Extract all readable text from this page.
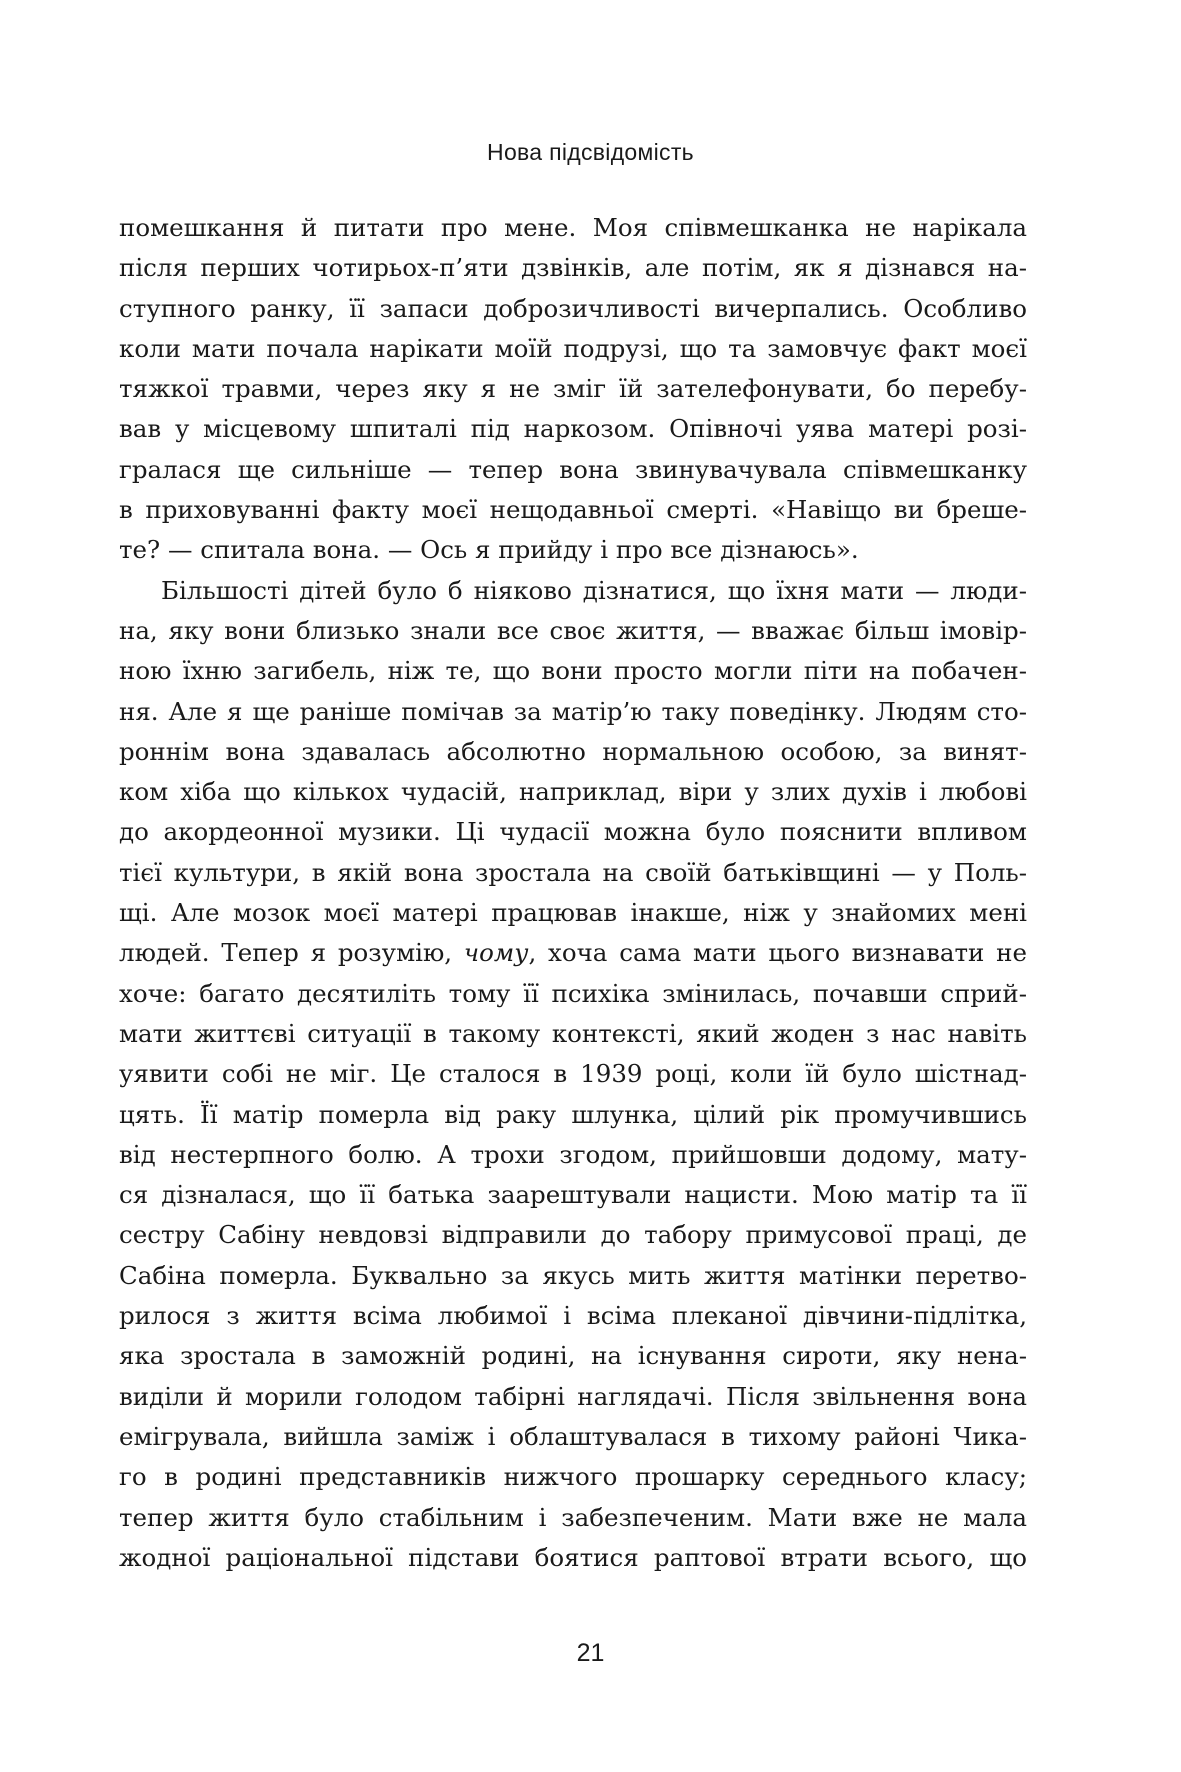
Нова підсвідомість
помешкання й питати про мене. Моя співмешканка не нарікала
після перших чотирьох-п’яти дзвінків, але потім, як я дізнався на-
ступного ранку, її запаси доброзичливості вичерпались. Особливо
коли мати почала нарікати моїй подрузі, що та замовчує факт моєї
тяжкої травми, через яку я не зміг їй зателефонувати, бо перебу-
вав у місцевому шпиталі під наркозом. Опівночі уява матері розі-
гралася ще сильніше — тепер вона звинувачувала співмешканку
в приховуванні факту моєї нещодавньої смерті. «Навіщо ви бреше-
те? — спитала вона. — Ось я прийду і про все дізнаюсь».
Більшості дітей було б ніяково дізнатися, що їхня мати — люди-
на, яку вони близько знали все своє життя, — вважає більш імовір-
ною їхню загибель, ніж те, що вони просто могли піти на побачен-
ня. Але я ще раніше помічав за матір’ю таку поведінку. Людям сто-
роннім вона здавалась абсолютно нормальною особою, за винят-
ком хіба що кількох чудасій, наприклад, віри у злих духів і любові
до акордеонної музики. Ці чудасії можна було пояснити впливом
тієї культури, в якій вона зростала на своїй батьківщині — у Поль-
щі. Але мозок моєї матері працював інакше, ніж у знайомих мені
людей. Тепер я розумію, чому, хоча сама мати цього визнавати не
хоче: багато десятиліть тому її психіка змінилась, почавши сприй-
мати життєві ситуації в такому контексті, який жоден з нас навіть
уявити собі не міг. Це сталося в 1939 році, коли їй було шістнад-
цять. Її матір померла від раку шлунка, цілий рік промучившись
від нестерпного болю. А трохи згодом, прийшовши додому, мату-
ся дізналася, що її батька заарештували нацисти. Мою матір та її
сестру Сабіну невдовзі відправили до табору примусової праці, де
Сабіна померла. Буквально за якусь мить життя матінки перетво-
рилося з життя всіма любимої і всіма плеканої дівчини-підлітка,
яка зростала в заможній родині, на існування сироти, яку нена-
виділи й морили голодом табірні наглядачі. Після звільнення вона
емігрувала, вийшла заміж і облаштувалася в тихому районі Чика-
го в родині представників нижчого прошарку середнього класу;
тепер життя було стабільним і забезпеченим. Мати вже не мала
жодної раціональної підстави боятися раптової втрати всього, що
21
